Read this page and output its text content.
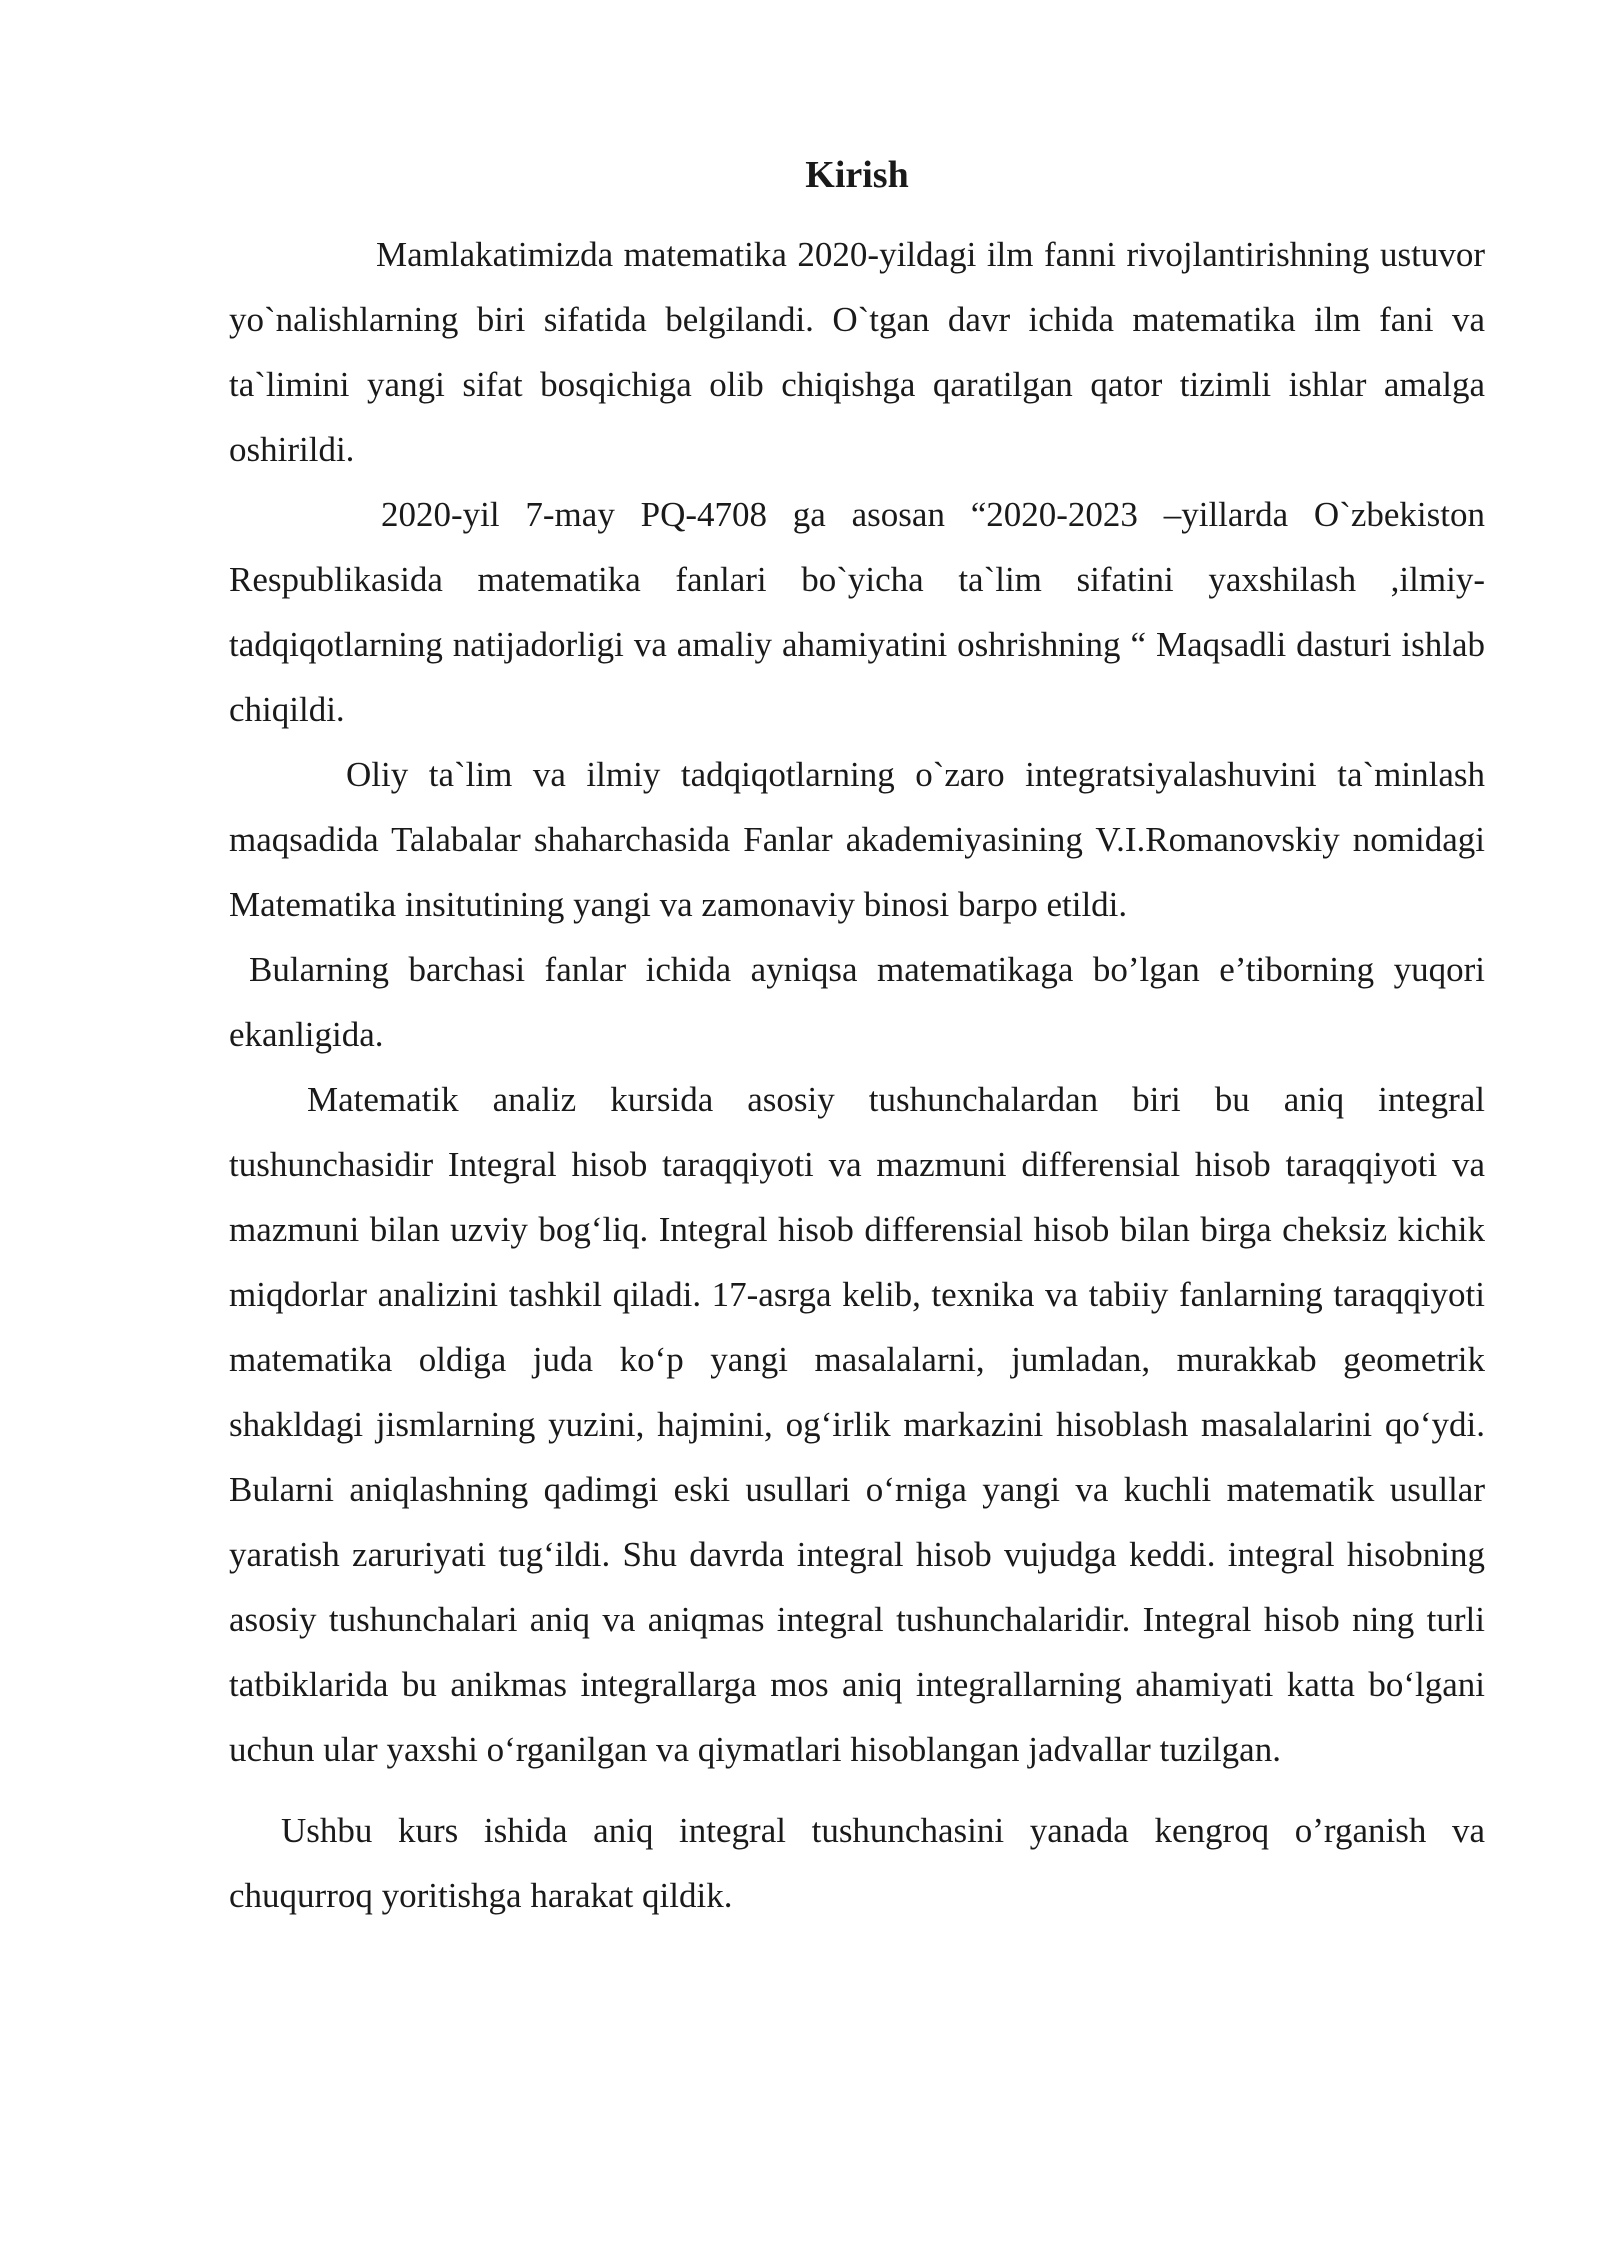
Kirish

Mamlakatimizda matematika 2020-yildagi ilm fanni rivojlantirishning ustuvor yo`nalishlarning biri sifatida belgilandi. O`tgan davr ichida matematika ilm fani va ta`limini yangi sifat bosqichiga olib chiqishga qaratilgan qator tizimli ishlar amalga oshirildi.

2020-yil 7-may PQ-4708 ga asosan “2020-2023 –yillarda O`zbekiston Respublikasida matematika fanlari bo`yicha ta`lim sifatini yaxshilash ,ilmiy-tadqiqotlarning natijadorligi va amaliy ahamiyatini oshrishning “ Maqsadli dasturi ishlab chiqildi.

Oliy ta`lim va ilmiy tadqiqotlarning o`zaro integratsiyalashuvini ta`minlash maqsadida Talabalar shaharchasida Fanlar akademiyasining V.I.Romanovskiy nomidagi Matematika insitutining yangi va zamonaviy binosi barpo etildi.

Bularning barchasi fanlar ichida ayniqsa matematikaga bo’lgan e’tiborning yuqori ekanligida.

Matematik analiz kursida asosiy tushunchalardan biri bu aniq integral tushunchasidir Integral hisob taraqqiyoti va mazmuni differensial hisob taraqqiyoti va mazmuni bilan uzviy bog‘liq. Integral hisob differensial hisob bilan birga cheksiz kichik miqdorlar analizini tashkil qiladi. 17-asrga kelib, texnika va tabiiy fanlarning taraqqiyoti matematika oldiga juda ko‘p yangi masalalarni, jumladan, murakkab geometrik shakldagi jismlarning yuzini, hajmini, og‘irlik markazini hisoblash masalalarini qo‘ydi. Bularni aniqlashning qadimgi eski usullari o‘rniga yangi va kuchli matematik usullar yaratish zaruriyati tug‘ildi. Shu davrda integral hisob vujudga keddi. integral hisobning asosiy tushunchalari aniq va aniqmas integral tushunchalaridir. Integral hisob ning turli tatbiklarida bu anikmas integrallarga mos aniq integrallarning ahamiyati katta bo‘lgani uchun ular yaxshi o‘rganilgan va qiymatlari hisoblangan jadvallar tuzilgan.

Ushbu kurs ishida aniq integral tushunchasini yanada kengroq o’rganish va chuqurroq yoritishga harakat qildik.
